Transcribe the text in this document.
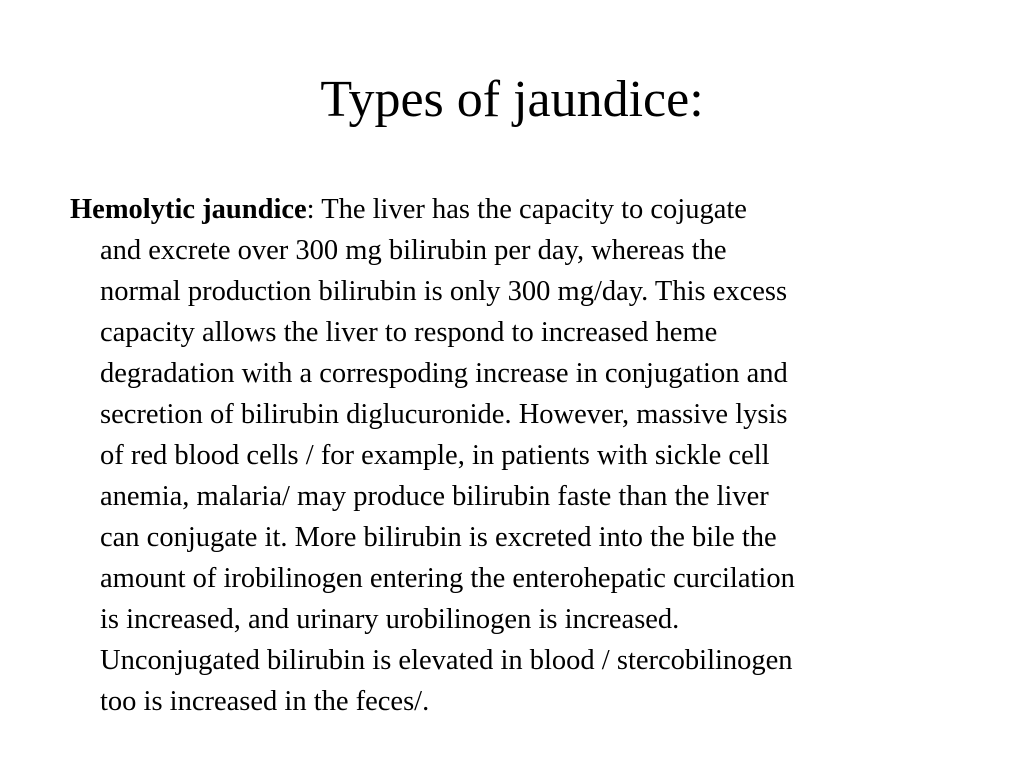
Types of jaundice:
Hemolytic jaundice: The liver has the capacity to cojugate
and excrete over 300 mg bilirubin per day, whereas the
normal production bilirubin is only 300 mg/day. This excess
capacity allows the liver to respond to increased heme
degradation with a correspoding increase in conjugation and
secretion of bilirubin diglucuronide. However, massive lysis
of red blood cells / for example, in patients with sickle cell
anemia, malaria/ may produce bilirubin faste than the liver
can conjugate it. More bilirubin is excreted into the bile the
amount of irobilinogen entering the enterohepatic curcilation
is increased, and urinary urobilinogen is increased.
Unconjugated bilirubin is elevated in blood / stercobilinogen
too is increased in the feces/.
